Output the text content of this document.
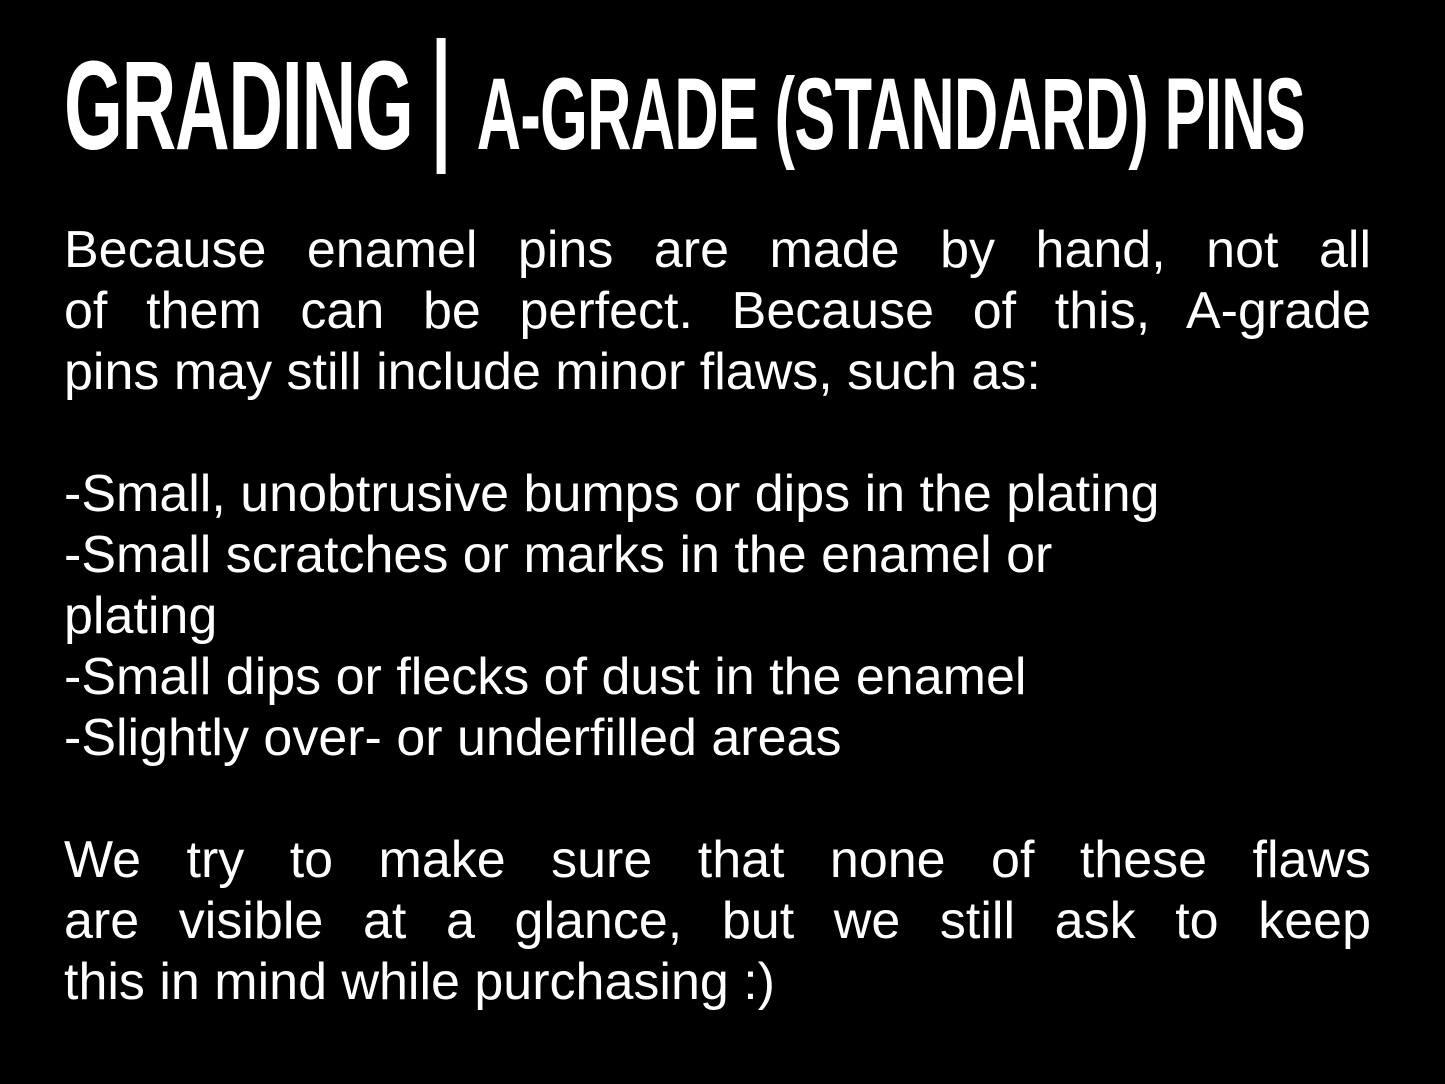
GRADING A-GRADE (STANDARD) PINS
Because enamel pins are made by hand, not all
of them can be perfect. Because of this, A-grade
pins may still include minor flaws, such as:
-Small, unobtrusive bumps or dips in the plating
-Small scratches or marks in the enamel or
plating
-Small dips or flecks of dust in the enamel
-Slightly over- or underfilled areas
We try to make sure that none of these flaws
are visible at a glance, but we still ask to keep
this in mind while purchasing :)
